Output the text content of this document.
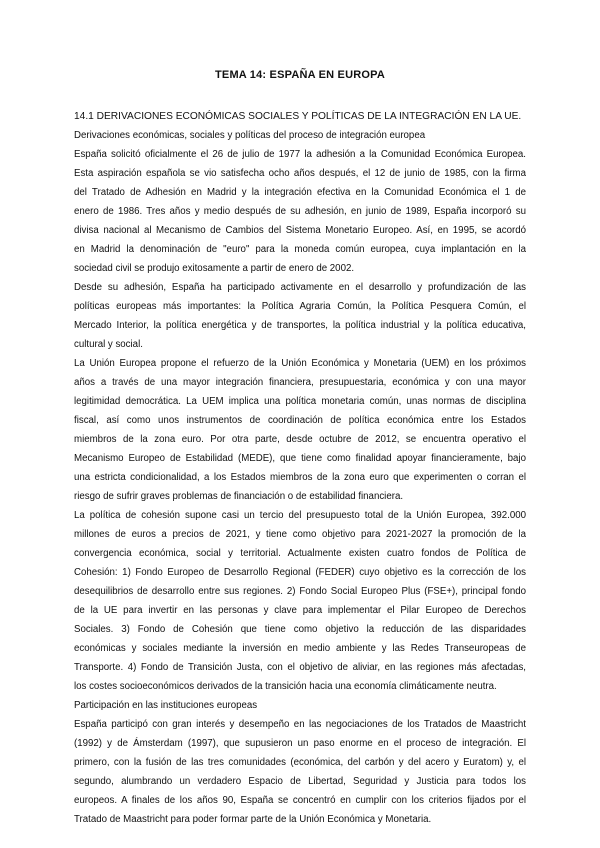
TEMA 14: ESPAÑA EN EUROPA
14.1 DERIVACIONES ECONÓMICAS SOCIALES Y POLÍTICAS DE LA INTEGRACIÓN EN LA UE.
Derivaciones económicas, sociales y políticas del proceso de integración europea
España solicitó oficialmente el 26 de julio de 1977 la adhesión a la Comunidad Económica Europea.
Esta aspiración española se vio satisfecha ocho años después, el 12 de junio de 1985, con la firma
del Tratado de Adhesión en Madrid y la integración efectiva en la Comunidad Económica el 1 de
enero de 1986. Tres años y medio después de su adhesión, en junio de 1989, España incorporó su
divisa nacional al Mecanismo de Cambios del Sistema Monetario Europeo. Así, en 1995, se acordó
en Madrid la denominación de "euro" para la moneda común europea, cuya implantación en la
sociedad civil se produjo exitosamente a partir de enero de 2002.
Desde su adhesión, España ha participado activamente en el desarrollo y profundización de las
políticas europeas más importantes: la Política Agraria Común, la Política Pesquera Común, el
Mercado Interior, la política energética y de transportes, la política industrial y la política educativa,
cultural y social.
La Unión Europea propone el refuerzo de la Unión Económica y Monetaria (UEM) en los próximos
años a través de una mayor integración financiera, presupuestaria, económica y con una mayor
legitimidad democrática. La UEM implica una política monetaria común, unas normas de disciplina
fiscal, así como unos instrumentos de coordinación de política económica entre los Estados
miembros de la zona euro. Por otra parte, desde octubre de 2012, se encuentra operativo el
Mecanismo Europeo de Estabilidad (MEDE), que tiene como finalidad apoyar financieramente, bajo
una estricta condicionalidad, a los Estados miembros de la zona euro que experimenten o corran el
riesgo de sufrir graves problemas de financiación o de estabilidad financiera.
La política de cohesión supone casi un tercio del presupuesto total de la Unión Europea, 392.000
millones de euros a precios de 2021, y tiene como objetivo para 2021-2027 la promoción de la
convergencia económica, social y territorial. Actualmente existen cuatro fondos de Política de
Cohesión: 1) Fondo Europeo de Desarrollo Regional (FEDER) cuyo objetivo es la corrección de los
desequilibrios de desarrollo entre sus regiones. 2) Fondo Social Europeo Plus (FSE+), principal fondo
de la UE para invertir en las personas y clave para implementar el Pilar Europeo de Derechos
Sociales. 3) Fondo de Cohesión que tiene como objetivo la reducción de las disparidades
económicas y sociales mediante la inversión en medio ambiente y las Redes Transeuropeas de
Transporte. 4) Fondo de Transición Justa, con el objetivo de aliviar, en las regiones más afectadas,
los costes socioeconómicos derivados de la transición hacia una economía climáticamente neutra.
Participación en las instituciones europeas
España participó con gran interés y desempeño en las negociaciones de los Tratados de Maastricht
(1992) y de Ámsterdam (1997), que supusieron un paso enorme en el proceso de integración. El
primero, con la fusión de las tres comunidades (económica, del carbón y del acero y Euratom) y, el
segundo, alumbrando un verdadero Espacio de Libertad, Seguridad y Justicia para todos los
europeos. A finales de los años 90, España se concentró en cumplir con los criterios fijados por el
Tratado de Maastricht para poder formar parte de la Unión Económica y Monetaria.
